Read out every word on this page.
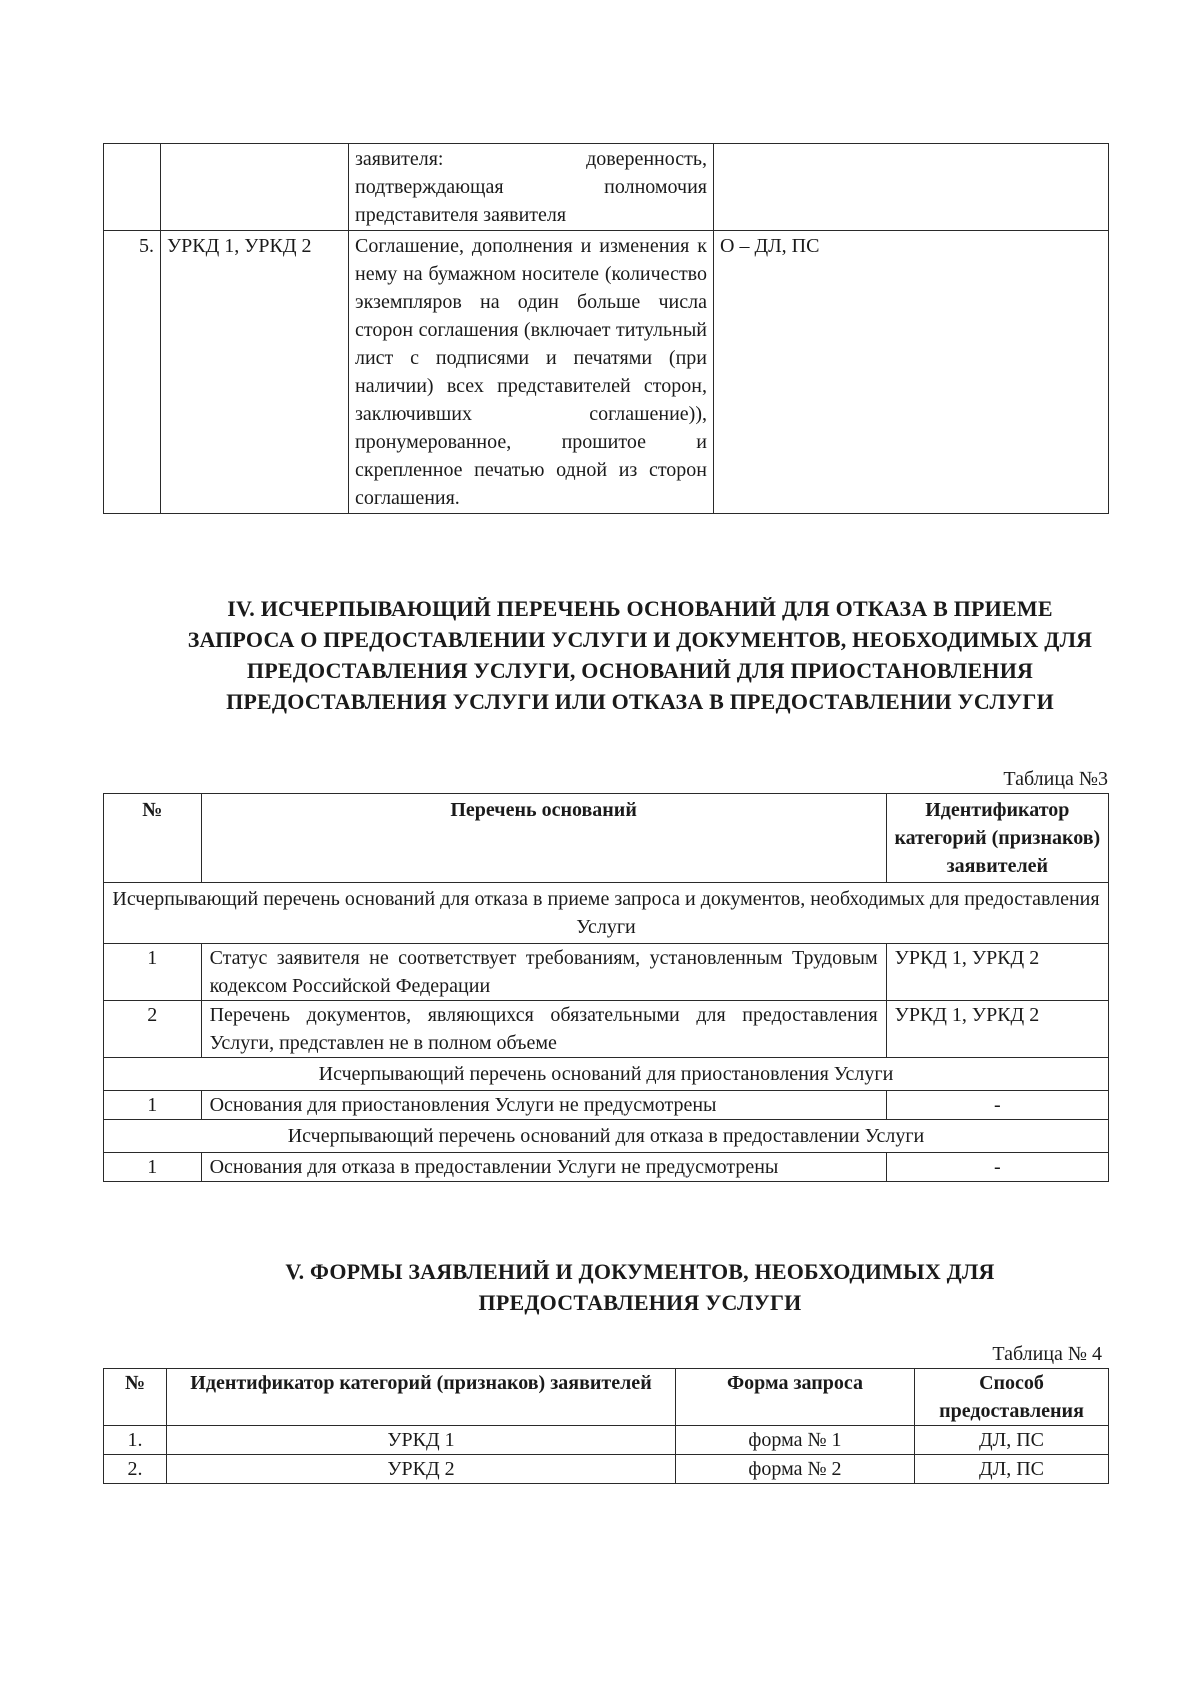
		заявителя: доверенность, подтверждающая полномочия представителя заявителя	
5.	УРКД 1, УРКД 2	Соглашение, дополнения и изменения к нему на бумажном носителе (количество экземпляров на один больше числа сторон соглашения (включает титульный лист с подписями и печатями (при наличии) всех представителей сторон, заключивших соглашение)), пронумерованное, прошитое и скрепленное печатью одной из сторон соглашения.	О – ДЛ, ПС
IV. ИСЧЕРПЫВАЮЩИЙ ПЕРЕЧЕНЬ ОСНОВАНИЙ ДЛЯ ОТКАЗА В ПРИЕМЕ ЗАПРОСА О ПРЕДОСТАВЛЕНИИ УСЛУГИ И ДОКУМЕНТОВ, НЕОБХОДИМЫХ ДЛЯ ПРЕДОСТАВЛЕНИЯ УСЛУГИ, ОСНОВАНИЙ ДЛЯ ПРИОСТАНОВЛЕНИЯ ПРЕДОСТАВЛЕНИЯ УСЛУГИ ИЛИ ОТКАЗА В ПРЕДОСТАВЛЕНИИ УСЛУГИ
Таблица №3
№	Перечень оснований	Идентификатор категорий (признаков) заявителей
Исчерпывающий перечень оснований для отказа в приеме запроса и документов, необходимых для предоставления Услуги		
1	Статус заявителя не соответствует требованиям, установленным Трудовым кодексом Российской Федерации	УРКД 1, УРКД 2
2	Перечень документов, являющихся обязательными для предоставления Услуги, представлен не в полном объеме	УРКД 1, УРКД 2
Исчерпывающий перечень оснований для приостановления Услуги		
1	Основания для приостановления Услуги не предусмотрены	-
Исчерпывающий перечень оснований для отказа в предоставлении Услуги		
1	Основания для отказа в предоставлении Услуги не предусмотрены	-
V. ФОРМЫ ЗАЯВЛЕНИЙ И ДОКУМЕНТОВ, НЕОБХОДИМЫХ ДЛЯ ПРЕДОСТАВЛЕНИЯ УСЛУГИ
Таблица № 4
№	Идентификатор категорий (признаков) заявителей	Форма запроса	Способ предоставления
1.	УРКД 1	форма № 1	ДЛ, ПС
2.	УРКД 2	форма № 2	ДЛ, ПС
